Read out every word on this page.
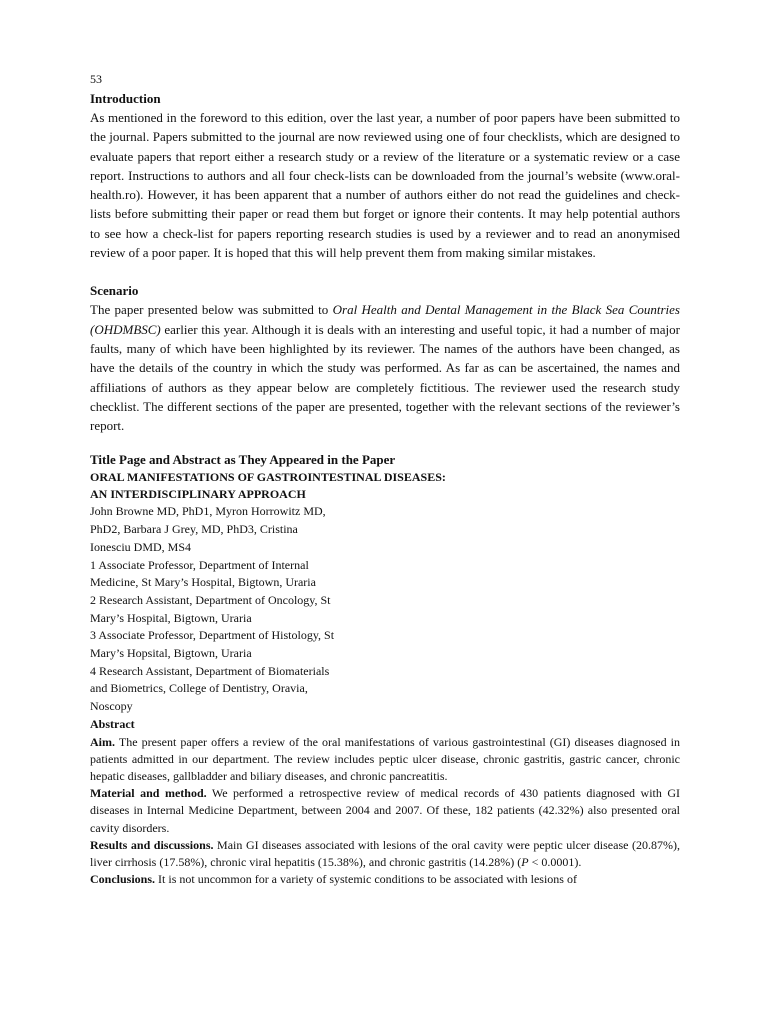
53

Introduction

As mentioned in the foreword to this edition, over the last year, a number of poor papers have been submitted to the journal. Papers submitted to the journal are now reviewed using one of four checklists, which are designed to evaluate papers that report either a research study or a review of the literature or a systematic review or a case report. Instructions to authors and all four check-lists can be downloaded from the journal’s website (www.oral-health.ro). However, it has been apparent that a number of authors either do not read the guidelines and check-lists before submitting their paper or read them but forget or ignore their contents. It may help potential authors to see how a check-list for papers reporting research studies is used by a reviewer and to read an anonymised review of a poor paper. It is hoped that this will help prevent them from making similar mistakes.

Scenario

The paper presented below was submitted to Oral Health and Dental Management in the Black Sea Countries (OHDMBSC) earlier this year. Although it is deals with an interesting and useful topic, it had a number of major faults, many of which have been highlighted by its reviewer. The names of the authors have been changed, as have the details of the country in which the study was performed. As far as can be ascertained, the names and affiliations of authors as they appear below are completely fictitious. The reviewer used the research study checklist. The different sections of the paper are presented, together with the relevant sections of the reviewer’s report.

Title Page and Abstract as They Appeared in the Paper

ORAL MANIFESTATIONS OF GASTROINTESTINAL DISEASES:

AN INTERDISCIPLINARY APPROACH

John Browne MD, PhD1, Myron Horrowitz MD,

PhD2, Barbara J Grey, MD, PhD3, Cristina

Ionesciu DMD, MS4

1 Associate Professor, Department of Internal

Medicine, St Mary’s Hospital, Bigtown, Uraria

2 Research Assistant, Department of Oncology, St

Mary’s Hospital, Bigtown, Uraria

3 Associate Professor, Department of Histology, St

Mary’s Hopsital, Bigtown, Uraria

4 Research Assistant, Department of Biomaterials

and Biometrics, College of Dentistry, Oravia,

Noscopy

Abstract

Aim. The present paper offers a review of the oral manifestations of various gastrointestinal (GI) diseases diagnosed in patients admitted in our department. The review includes peptic ulcer disease, chronic gastritis, gastric cancer, chronic hepatic diseases, gallbladder and biliary diseases, and chronic pancreatitis.

Material and method. We performed a retrospective review of medical records of 430 patients diagnosed with GI diseases in Internal Medicine Department, between 2004 and 2007. Of these, 182 patients (42.32%) also presented oral cavity disorders.

Results and discussions. Main GI diseases associated with lesions of the oral cavity were peptic ulcer disease (20.87%), liver cirrhosis (17.58%), chronic viral hepatitis (15.38%), and chronic gastritis (14.28%) (P < 0.0001).

Conclusions. It is not uncommon for a variety of systemic conditions to be associated with lesions of
